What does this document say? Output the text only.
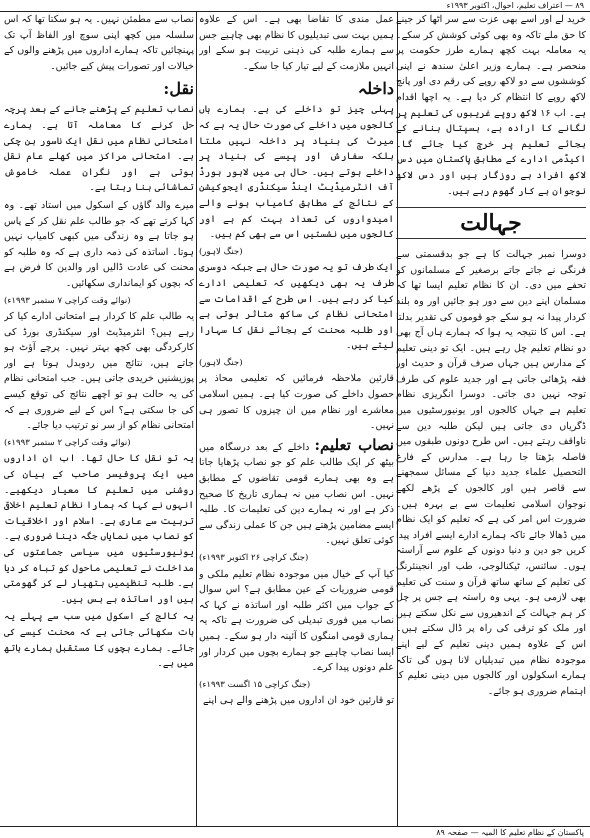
۸۹ — اعتراف تعلیم، احوال، اکتوبر ۱۹۹۳ء

خرید لے اور اسے بھی عزت سے سر اٹھا کر جینے کا حق ملے تاکہ وہ بھی کوئی کوشش کر سکے۔ یہ معاملہ بہت کچھ ہمارے طرز حکومت پر منحصر ہے۔ ہمارے وزیر اعلیٰ سندھ نے اپنی کوششوں سے دو لاکھ روپے کی رقم دی اور پانچ لاکھ روپے کا انتظام کر دیا ہے۔ یہ اچھا اقدام ہے۔ اب ۱۶ لاکھ روپے غریبوں کی تعلیم پر لگانے کا ارادہ ہے، ہسپتال بنانے کے بجائے تعلیم پر خرچ کیا جائے گا۔ اکیڈمی ادارے کے مطابق پاکستان میں دس لاکھ افراد بے روزگار ہیں اور دس لاکھ نوجوان بے کار گھوم رہے ہیں۔

جہالت

دوسرا نمبر جہالت کا ہے جو بدقسمتی سے فرنگی نے جاتے جاتے برصغیر کے مسلمانوں کو تحفے میں دی۔ ان کا نظام تعلیم ایسا تھا کہ مسلمان اپنے دین سے دور ہو جائیں اور وہ بلند کردار پیدا نہ ہو سکے جو قوموں کی تقدیر بدلتا ہے۔ اس کا نتیجہ یہ ہوا کہ ہمارے ہاں آج بھی دو نظام تعلیم چل رہے ہیں۔ ایک تو دینی تعلیم کے مدارس ہیں جہاں صرف قرآن و حدیث اور فقہ پڑھائی جاتی ہے اور جدید علوم کی طرف توجہ نہیں دی جاتی۔ دوسرا انگریزی نظام تعلیم ہے جہاں کالجوں اور یونیورسٹیوں میں ڈگریاں دی جاتی ہیں لیکن طلبہ دین سے ناواقف رہتے ہیں۔ اس طرح دونوں طبقوں میں فاصلہ بڑھتا جا رہا ہے۔ مدارس کے فارغ التحصیل علماء جدید دنیا کے مسائل سمجھنے سے قاصر ہیں اور کالجوں کے پڑھے لکھے نوجوان اسلامی تعلیمات سے بے بہرہ ہیں۔ ضرورت اس امر کی ہے کہ تعلیم کو ایک نظام میں ڈھالا جائے تاکہ ہمارے ادارے ایسے افراد پیدا کریں جو دین و دنیا دونوں کے علوم سے آراستہ ہوں۔ سائنس، ٹیکنالوجی، طب اور انجینئرنگ کی تعلیم کے ساتھ ساتھ قرآن و سنت کی تعلیم بھی لازمی ہو۔ یہی وہ راستہ ہے جس پر چل کر ہم جہالت کے اندھیروں سے نکل سکتے ہیں اور ملک کو ترقی کی راہ پر ڈال سکتے ہیں۔ اس کے علاوہ ہمیں دینی تعلیم کے لیے اپنے موجودہ نظام میں تبدیلیاں لانا ہوں گی تاکہ ہمارے اسکولوں اور کالجوں میں دینی تعلیم کا اہتمام ضروری ہو جائے۔

عمل مندی کا تقاضا بھی ہے۔ اس کے علاوہ ہمیں بہت سی تبدیلیوں کا نظام بھی چاہیے جس سے ہمارے طلبہ کی ذہنی تربیت ہو سکے اور انہیں ملازمت کے لیے تیار کیا جا سکے۔

داخلہ

پہلی چیز تو داخلے کی ہے۔ ہمارے ہاں کالجوں میں داخلے کی صورت حال یہ ہے کہ میرٹ کی بنیاد پر داخلہ نہیں ملتا بلکہ سفارش اور پیسے کی بنیاد پر داخلے ہوتے ہیں۔ حال ہی میں لاہور بورڈ آف انٹرمیڈیٹ اینڈ سیکنڈری ایجوکیشن کے نتائج کے مطابق کامیاب ہونے والے امیدواروں کی تعداد بہت کم ہے اور کالجوں میں نشستیں اس سے بھی کم ہیں۔

(جنگ لاہور)

ایک طرف تو یہ صورت حال ہے جبکہ دوسری طرف یہ بھی دیکھیں کہ تعلیمی ادارے کیا کر رہے ہیں۔ اس طرح کے اقدامات سے امتحانی نظام کی ساکھ متاثر ہوتی ہے اور طلبہ محنت کے بجائے نقل کا سہارا لیتے ہیں۔

(جنگ لاہور)

قارئین ملاحظہ فرمائیں کہ تعلیمی محاذ پر حصول داخلے کی صورت کیا ہے۔ ہمیں اسلامی معاشرے اور نظام میں ان چیزوں کا تصور ہی نہیں۔

نصاب تعلیم: داخلے کے بعد درسگاہ میں بیٹھ کر ایک طالب علم کو جو نصاب پڑھایا جاتا ہے وہ بھی ہمارے قومی تقاضوں کے مطابق نہیں۔ اس نصاب میں نہ ہماری تاریخ کا صحیح ذکر ہے اور نہ ہمارے دین کی تعلیمات کا۔ طلبہ ایسے مضامین پڑھتے ہیں جن کا عملی زندگی سے کوئی تعلق نہیں۔

(جنگ کراچی ۲۶ اکتوبر ۱۹۹۳ء)

کیا آپ کے خیال میں موجودہ نظام تعلیم ملکی و قومی ضروریات کے عین مطابق ہے؟ اس سوال کے جواب میں اکثر طلبہ اور اساتذہ نے کہا کہ نصاب میں فوری تبدیلی کی ضرورت ہے تاکہ یہ ہماری قومی امنگوں کا آئینہ دار ہو سکے۔ ہمیں ایسا نصاب چاہیے جو ہمارے بچوں میں کردار اور علم دونوں پیدا کرے۔

(جنگ کراچی ۱۵ اگست ۱۹۹۳ء)

تو قارئین خود ان اداروں میں پڑھنے والے ہی اپنے

نصاب سے مطمئن نہیں۔ یہ ہو سکتا تھا کہ اس سلسلہ میں کچھ اپنی سوچ اور الفاظ آپ تک پہنچائیں تاکہ ہمارے اداروں میں پڑھنے والوں کے خیالات اور تصورات پیش کیے جائیں۔

نقل:

نصاب تعلیم کے پڑھنے جانے کے بعد پرچہ حل کرنے کا معاملہ آتا ہے۔ ہمارے امتحانی نظام میں نقل ایک ناسور بن چکی ہے۔ امتحانی مراکز میں کھلے عام نقل ہوتی ہے اور نگران عملہ خاموش تماشائی بنا رہتا ہے۔

میرے والد گاؤں کے اسکول میں استاد تھے۔ وہ کہا کرتے تھے کہ جو طالب علم نقل کر کے پاس ہو جاتا ہے وہ زندگی میں کبھی کامیاب نہیں ہوتا۔ اساتذہ کی ذمہ داری ہے کہ وہ طلبہ کو محنت کی عادت ڈالیں اور والدین کا فرض ہے کہ بچوں کو ایمانداری سکھائیں۔

(نوائے وقت کراچی ۷ ستمبر ۱۹۹۳ء)

یہ طالب علم کا کردار ہے امتحانی ادارے کیا کر رہے ہیں؟ انٹرمیڈیٹ اور سیکنڈری بورڈ کی کارکردگی بھی کچھ بہتر نہیں۔ پرچے آؤٹ ہو جاتے ہیں، نتائج میں ردوبدل ہوتا ہے اور پوزیشنیں خریدی جاتی ہیں۔ جب امتحانی نظام کی یہ حالت ہو تو اچھے نتائج کی توقع کیسے کی جا سکتی ہے؟ اس کے لیے ضروری ہے کہ امتحانی نظام کو از سر نو ترتیب دیا جائے۔

(نوائے وقت کراچی ۲ ستمبر ۱۹۹۳ء)

یہ تو نقل کا حال تھا۔ اب ان اداروں میں ایک پروفیسر صاحب کے بیان کی روشنی میں تعلیم کا معیار دیکھیے۔ انہوں نے کہا کہ ہمارا نظام تعلیم اخلاقی تربیت سے عاری ہے۔ اسلام اور اخلاقیات کو نصاب میں نمایاں جگہ دینا ضروری ہے۔ یونیورسٹیوں میں سیاسی جماعتوں کی مداخلت نے تعلیمی ماحول کو تباہ کر دیا ہے۔ طلبہ تنظیمیں ہتھیار لے کر گھومتی ہیں اور اساتذہ بے بس ہیں۔

یہ کالج کے اسکول میں سب سے پہلے یہ بات سکھائی جاتی ہے کہ محنت کیسے کی جائے۔ ہمارے بچوں کا مستقبل ہمارے ہاتھ میں ہے۔

پاکستان کے نظام تعلیم کا المیہ — صفحہ ۸۹
